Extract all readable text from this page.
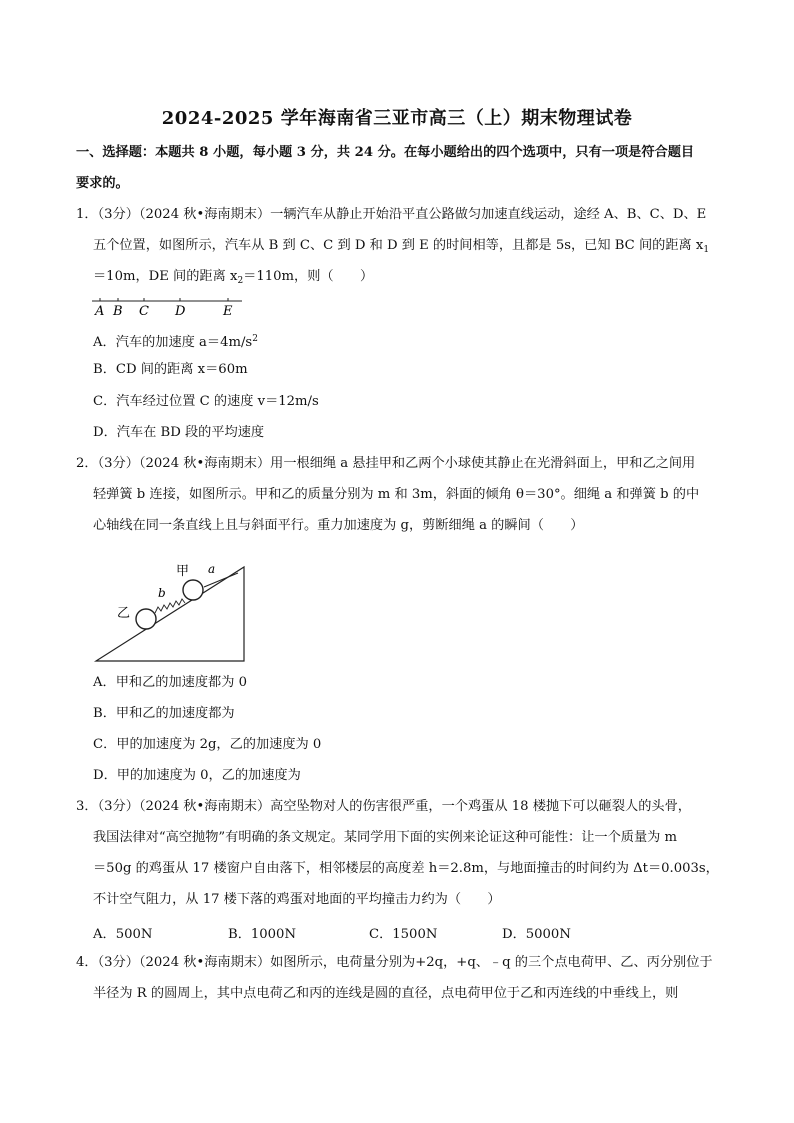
2024-2025 学年海南省三亚市高三（上）期末物理试卷
一、选择题：本题共 8 小题，每小题 3 分，共 24 分。在每小题给出的四个选项中，只有一项是符合题目
要求的。
1．（3分）（2024 秋•海南期末）一辆汽车从静止开始沿平直公路做匀加速直线运动，途经 A、B、C、D、E
五个位置，如图所示，汽车从 B 到 C、C 到 D 和 D 到 E 的时间相等，且都是 5s，已知 BC 间的距离 $x_1$
＝10m，DE 间的距离 $x_2=110m$，则（　　）
A B C D	E
A．汽车的加速度 $a=4m/s^2$
B．CD 间的距离 x＝60m
C．汽车经过位置 C 的速度 v＝12m/s
D．汽车在 BD 段的平均速度
2．（3分）（2024 秋•海南期末）用一根细绳 a 悬挂甲和乙两个小球使其静止在光滑斜面上，甲和乙之间用
轻弹簧 b 连接，如图所示。甲和乙的质量分别为 m 和 3m，斜面的倾角 θ＝30°。细绳 a 和弹簧 b 的中
心轴线在同一条直线上且与斜面平行。重力加速度为 g，剪断细绳 a 的瞬间（　　）
甲 a
b
乙
A．甲和乙的加速度都为 0
B．甲和乙的加速度都为
C．甲的加速度为 2g，乙的加速度为 0
D．甲的加速度为 0，乙的加速度为
3．（3分）（2024 秋•海南期末）高空坠物对人的伤害很严重，一个鸡蛋从 18 楼抛下可以砸裂人的头骨，
我国法律对“高空抛物”有明确的条文规定。某同学用下面的实例来论证这种可能性：让一个质量为 m
＝50g 的鸡蛋从 17 楼窗户自由落下，相邻楼层的高度差 h＝2.8m，与地面撞击的时间约为 Δt＝0.003s，
不计空气阻力，从 17 楼下落的鸡蛋对地面的平均撞击力约为（　　）
A．500N	B．1000N	C．1500N	D．5000N
4．（3分）（2024 秋•海南期末）如图所示，电荷量分别为+2q，+q、﹣q 的三个点电荷甲、乙、丙分别位于
半径为 R 的圆周上，其中点电荷乙和丙的连线是圆的直径，点电荷甲位于乙和丙连线的中垂线上，则
